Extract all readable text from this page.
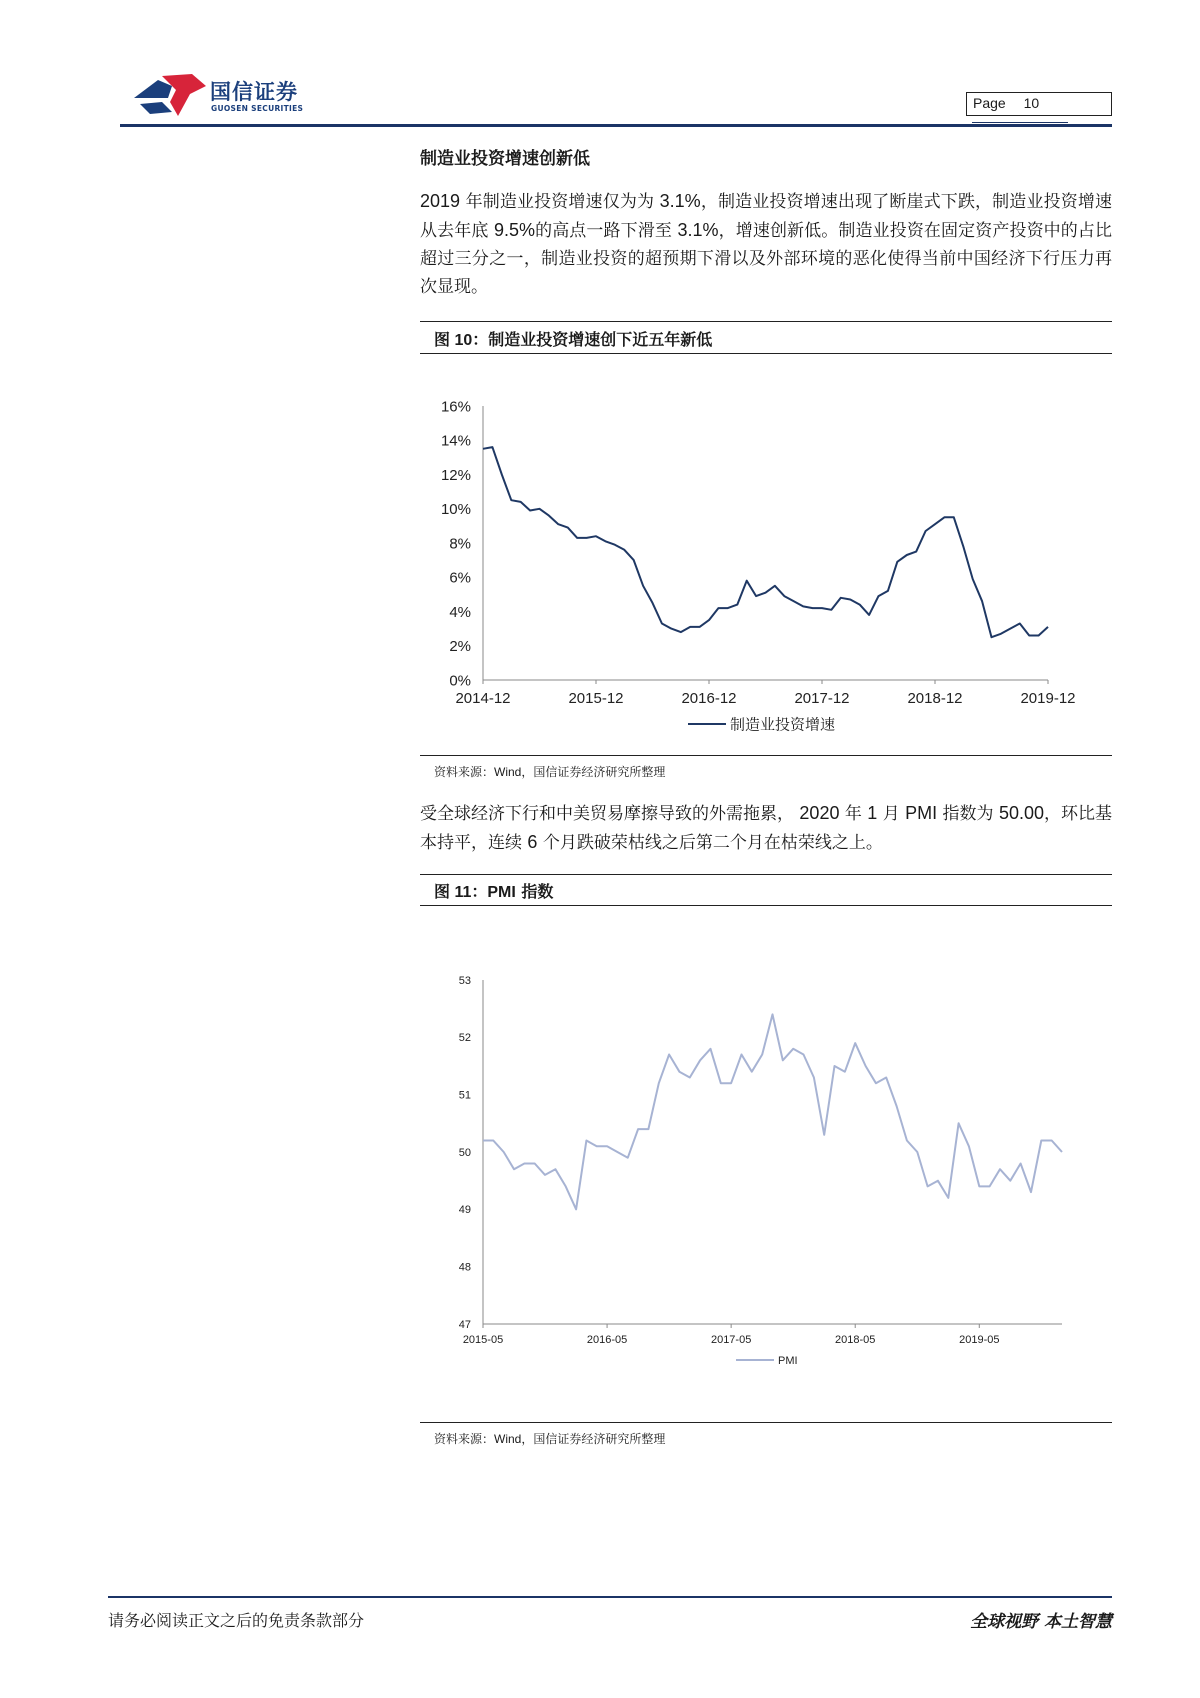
国信证券
GUOSEN SECURITIES	Page 10
制造业投资增速创新低
2019 年制造业投资增速仅为为 3.1%，制造业投资增速出现了断崖式下跌，制造业投资增速从去年底 9.5%的高点一路下滑至 3.1%，增速创新低。制造业投资在固定资产投资中的占比超过三分之一，制造业投资的超预期下滑以及外部环境的恶化使得当前中国经济下行压力再次显现。
图 10：制造业投资增速创下近五年新低
0%
2%
4%
6%
8%
10%
12%
14%
16%
2014-12	2015-12	2016-12	2017-12	2018-12	2019-12
制造业投资增速
资料来源：Wind，国信证券经济研究所整理
受全球经济下行和中美贸易摩擦导致的外需拖累， 2020 年 1 月 PMI 指数为 50.00，环比基本持平，连续 6 个月跌破荣枯线之后第二个月在枯荣线之上。
图 11：PMI 指数
47
48
49
50
51
52
53
2015-05	2016-05	2017-05	2018-05	2019-05
PMI
资料来源：Wind，国信证券经济研究所整理
请务必阅读正文之后的免责条款部分	全球视野 本土智慧
